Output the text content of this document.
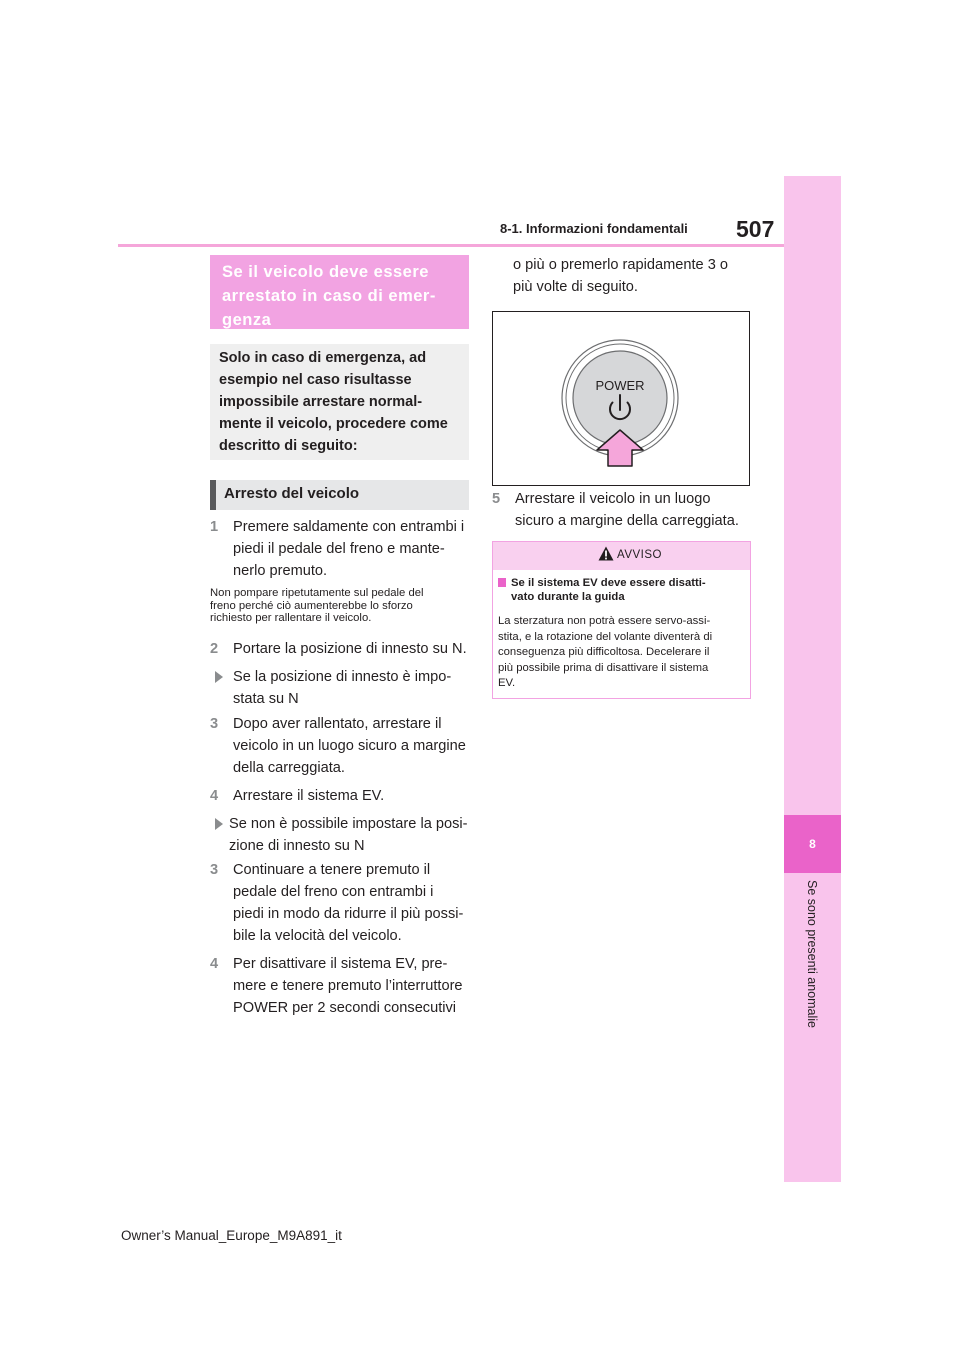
8-1. Informazioni fondamentali 507
8
Se sono presenti anomalie
Se il veicolo deve essere arrestato in caso di emer-genza
Solo in caso di emergenza, ad
esempio nel caso risultasse
impossibile arrestare normal-
mente il veicolo, procedere come
descritto di seguito:
Arresto del veicolo
1 Premere saldamente con entrambi i
piedi il pedale del freno e mante-
nerlo premuto.
Non pompare ripetutamente sul pedale del
freno perché ciò aumenterebbe lo sforzo
richiesto per rallentare il veicolo.
2 Portare la posizione di innesto su N.
Se la posizione di innesto è impo-
stata su N
3 Dopo aver rallentato, arrestare il
veicolo in un luogo sicuro a margine
della carreggiata.
4 Arrestare il sistema EV.
Se non è possibile impostare la posi-
zione di innesto su N
3 Continuare a tenere premuto il
pedale del freno con entrambi i
piedi in modo da ridurre il più possi-
bile la velocità del veicolo.
4 Per disattivare il sistema EV, pre-
mere e tenere premuto l’interruttore
POWER per 2 secondi consecutivi
o più o premerlo rapidamente 3 o
più volte di seguito.
POWER
5 Arrestare il veicolo in un luogo
sicuro a margine della carreggiata.
AVVISO
Se il sistema EV deve essere disatti-
vato durante la guida
La sterzatura non potrà essere servo-assi-
stita, e la rotazione del volante diventerà di
conseguenza più difficoltosa. Decelerare il
più possibile prima di disattivare il sistema
EV.
Owner’s Manual_Europe_M9A891_it
